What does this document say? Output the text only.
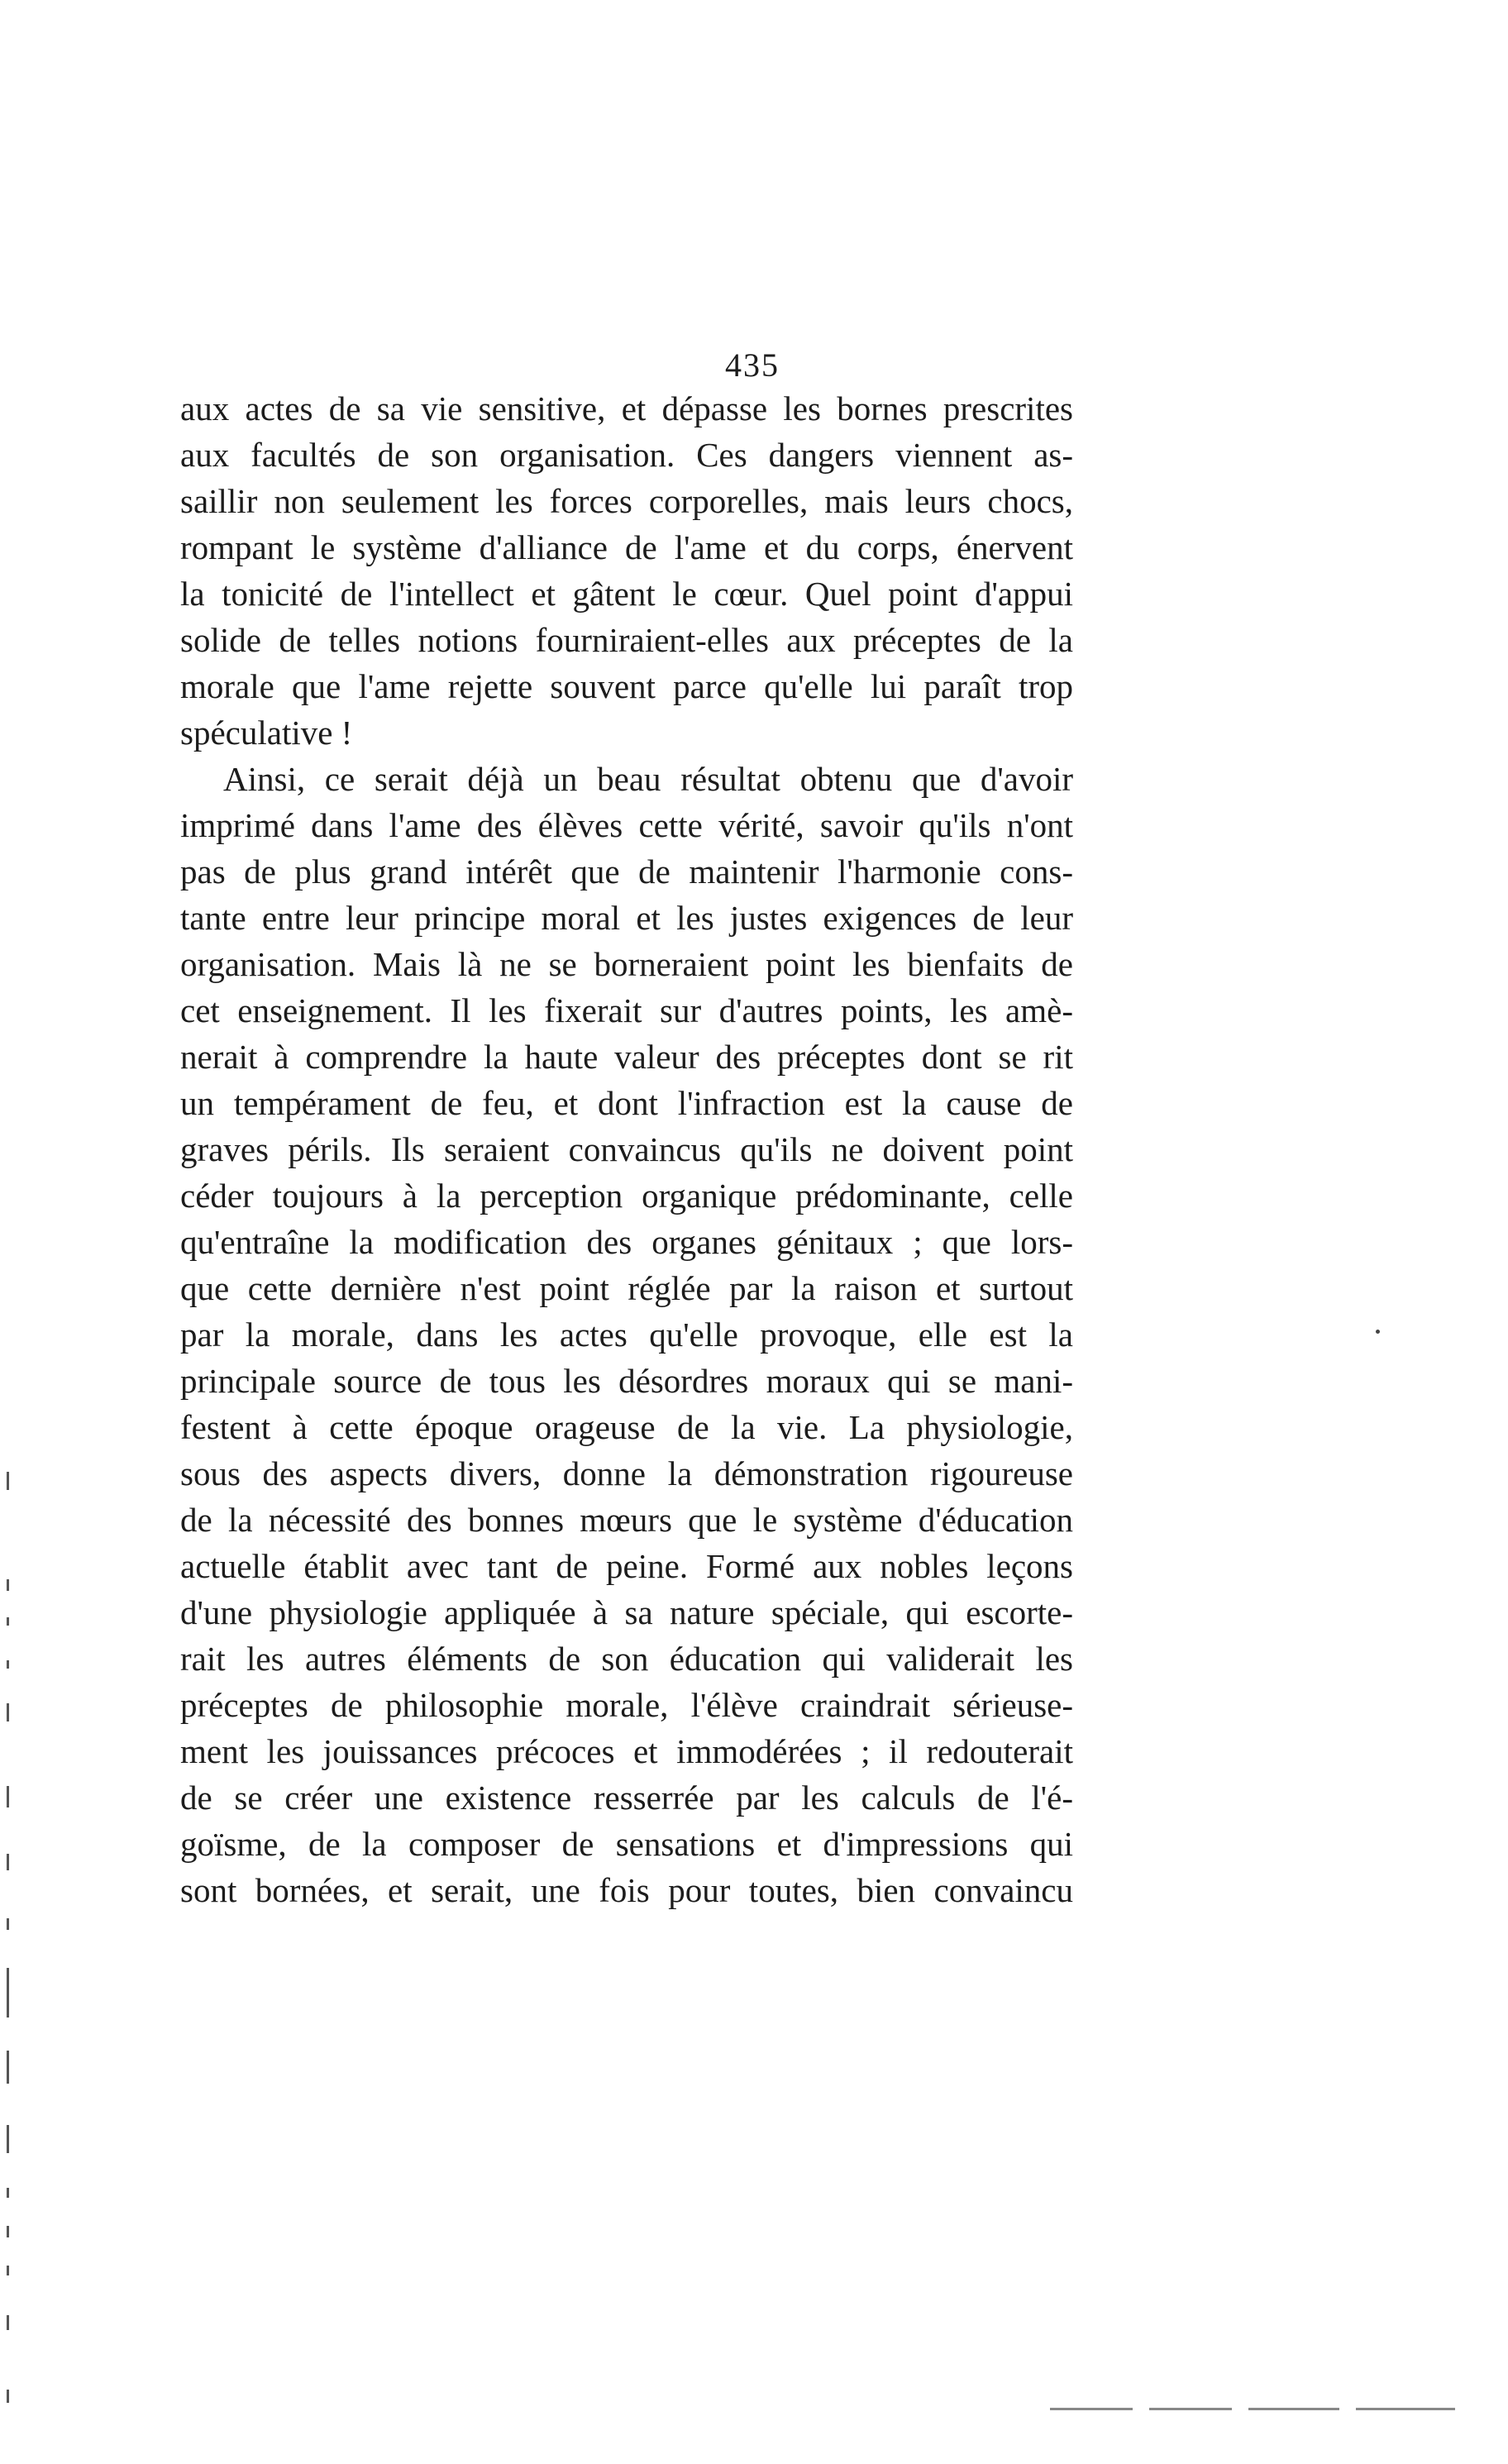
435
aux actes de sa vie sensitive, et dépasse les bornes prescrites
aux facultés de son organisation. Ces dangers viennent as-
saillir non seulement les forces corporelles, mais leurs chocs,
rompant le système d'alliance de l'ame et du corps, énervent
la tonicité de l'intellect et gâtent le cœur. Quel point d'appui
solide de telles notions fourniraient-elles aux préceptes de la
morale que l'ame rejette souvent parce qu'elle lui paraît trop
spéculative !
Ainsi, ce serait déjà un beau résultat obtenu que d'avoir
imprimé dans l'ame des élèves cette vérité, savoir qu'ils n'ont
pas de plus grand intérêt que de maintenir l'harmonie cons-
tante entre leur principe moral et les justes exigences de leur
organisation. Mais là ne se borneraient point les bienfaits de
cet enseignement. Il les fixerait sur d'autres points, les amè-
nerait à comprendre la haute valeur des préceptes dont se rit
un tempérament de feu, et dont l'infraction est la cause de
graves périls. Ils seraient convaincus qu'ils ne doivent point
céder toujours à la perception organique prédominante, celle
qu'entraîne la modification des organes génitaux ; que lors-
que cette dernière n'est point réglée par la raison et surtout
par la morale, dans les actes qu'elle provoque, elle est la
principale source de tous les désordres moraux qui se mani-
festent à cette époque orageuse de la vie. La physiologie,
sous des aspects divers, donne la démonstration rigoureuse
de la nécessité des bonnes mœurs que le système d'éducation
actuelle établit avec tant de peine. Formé aux nobles leçons
d'une physiologie appliquée à sa nature spéciale, qui escorte-
rait les autres éléments de son éducation qui validerait les
préceptes de philosophie morale, l'élève craindrait sérieuse-
ment les jouissances précoces et immodérées ; il redouterait
de se créer une existence resserrée par les calculs de l'é-
goïsme, de la composer de sensations et d'impressions qui
sont bornées, et serait, une fois pour toutes, bien convaincu
